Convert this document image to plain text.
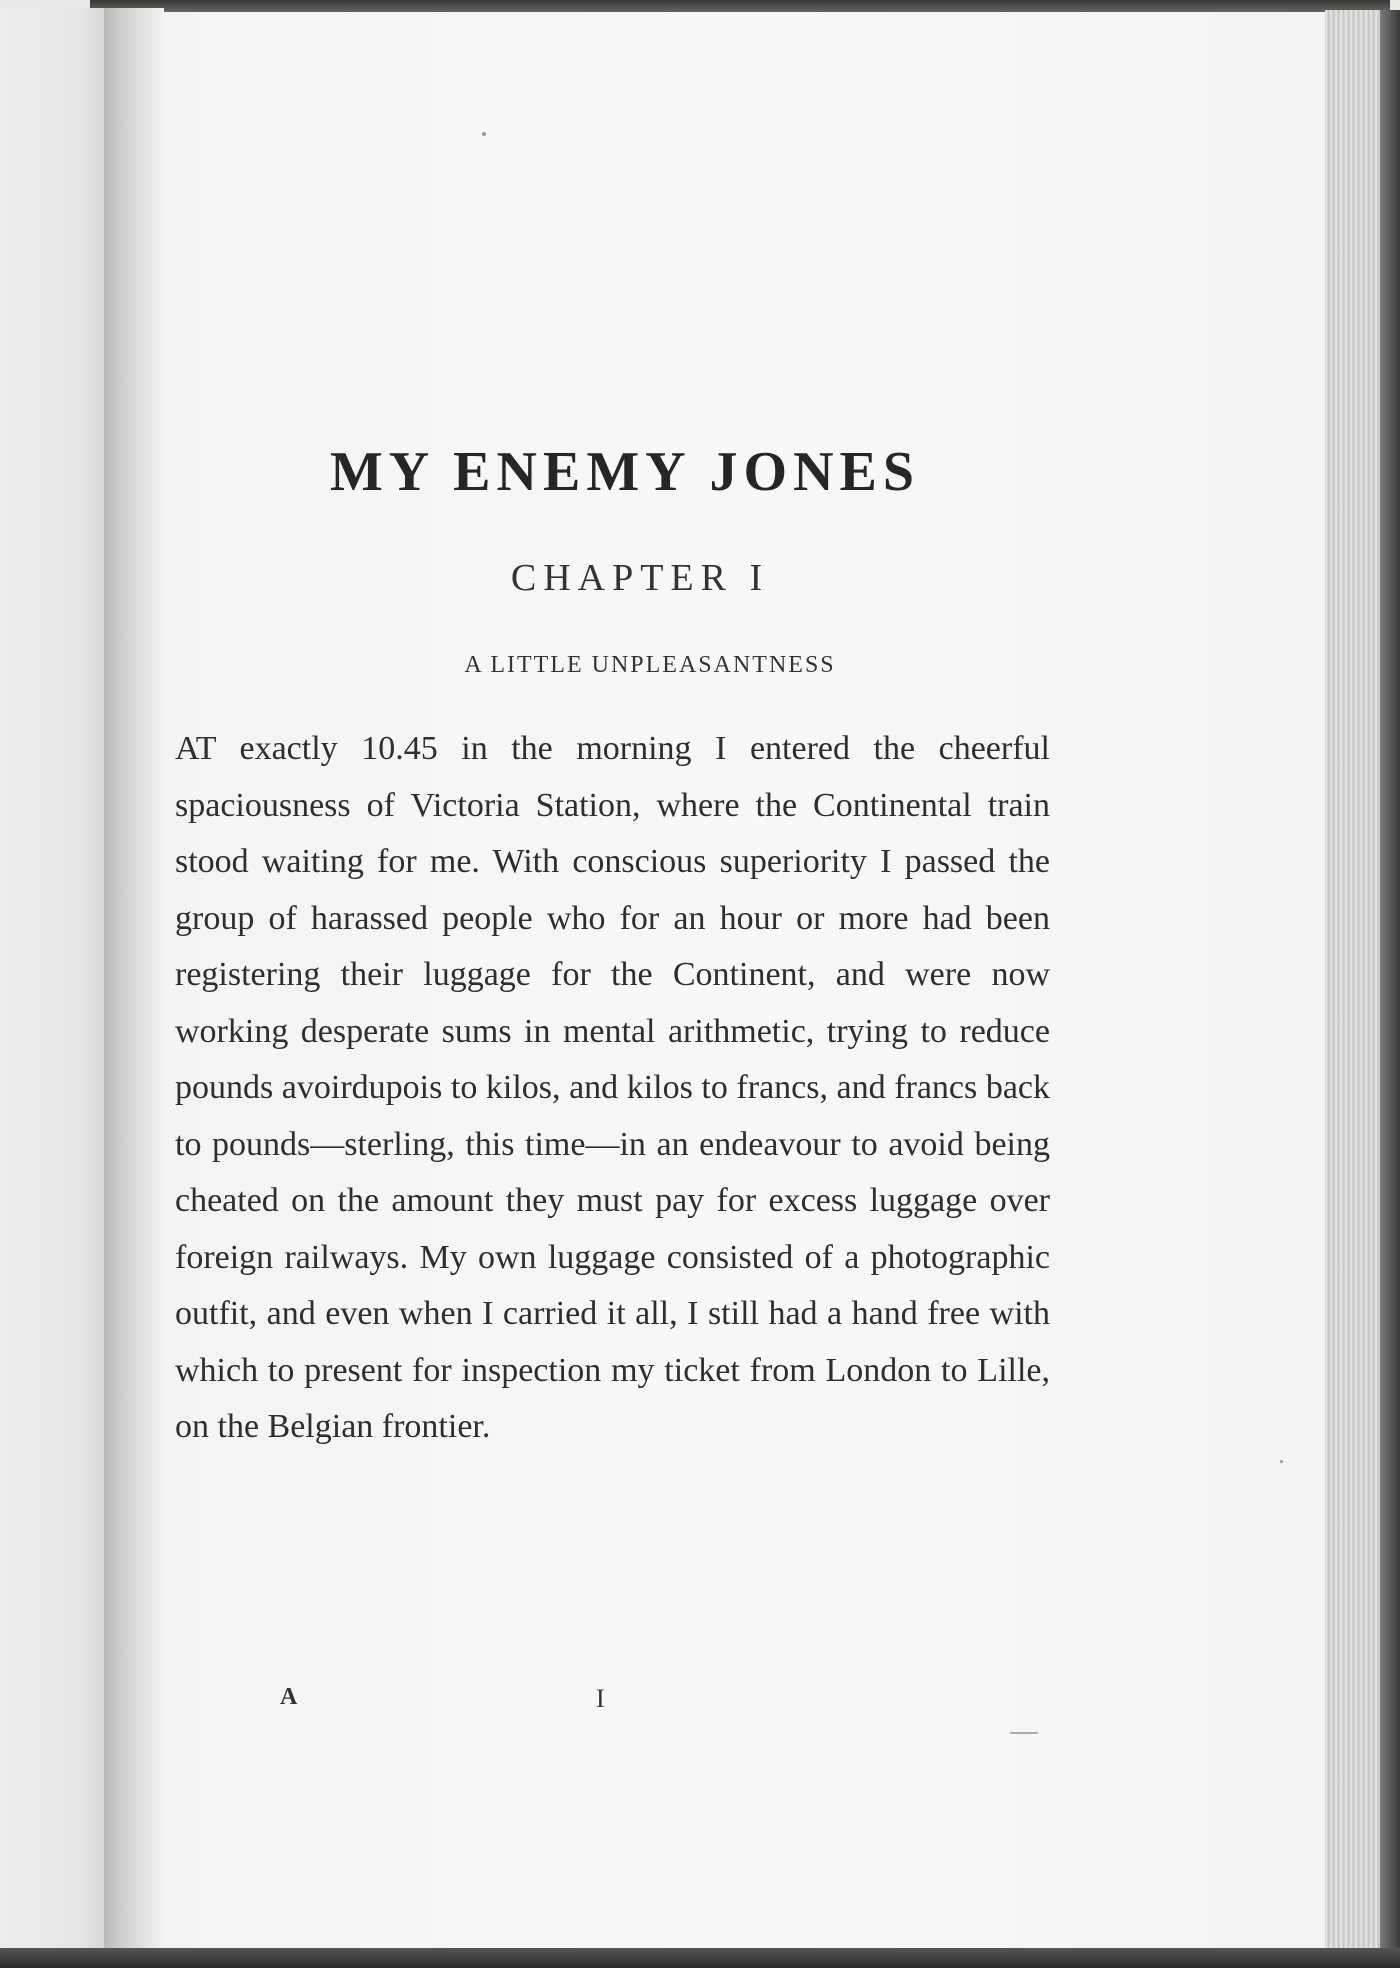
MY ENEMY JONES
CHAPTER I
A LITTLE UNPLEASANTNESS

AT exactly 10.45 in the morning I entered the cheerful spaciousness of Victoria Station, where the Continental train stood waiting for me. With conscious superiority I passed the group of harassed people who for an hour or more had been registering their luggage for the Continent, and were now working desperate sums in mental arithmetic, trying to reduce pounds avoirdupois to kilos, and kilos to francs, and francs back to pounds—sterling, this time—in an endeavour to avoid being cheated on the amount they must pay for excess luggage over foreign railways. My own luggage consisted of a photographic outfit, and even when I carried it all, I still had a hand free with which to present for inspection my ticket from London to Lille, on the Belgian frontier.

A	I
